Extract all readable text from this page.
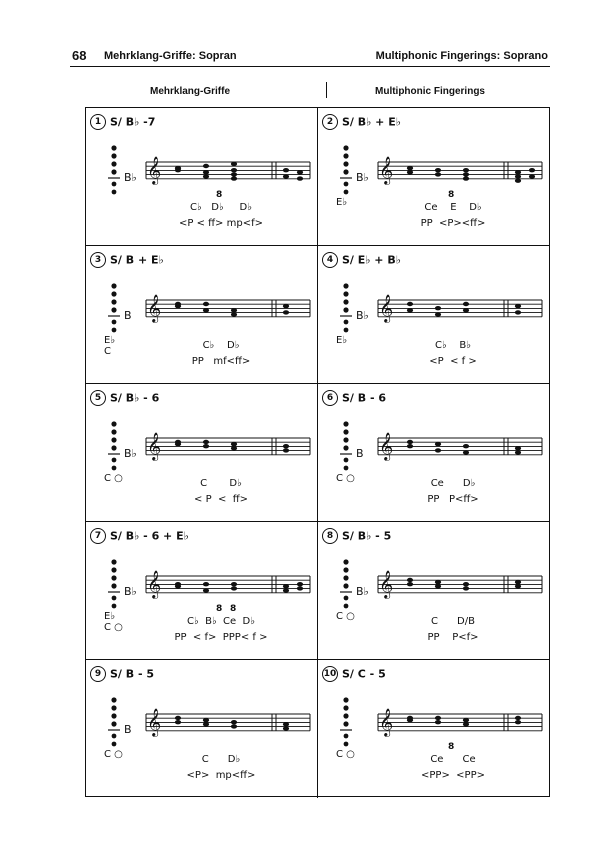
68 Mehrklang-Griffe: Sopran	Multiphonic Fingerings: Soprano
Mehrklang-Griffe	Multiphonic Fingerings
1 S/ B♭ -7
𝄞
B♭
8
C♭   D♭     D♭
<P < ff> mp<f>
2 S/ B♭ + E♭
𝄞
B♭
E♭
8
Ce    E    D♭
PP  <P><ff>
3 S/ B + E♭
𝄞
B
E♭
C
C♭    D♭
PP   mf<ff>
4 S/ E♭ + B♭
𝄞
B♭
E♭	C♭    B♭
<P  < f >
5 S/ B♭ - 6
𝄞
B♭
C ○	C       D♭
< P  <  ff>
6 S/ B - 6
𝄞
B
C ○	Ce      D♭
PP   P<ff>
7 S/ B♭ - 6 + E♭
𝄞
B♭
E♭
C ○
8 8
C♭  B♭  Ce  D♭
PP  < f>  PPP< f >
8 S/ B♭ - 5
𝄞
B♭
C ○	C      D/B
PP    P<f>
9 S/ B - 5
𝄞
B
C ○	C      D♭
<P>  mp<ff>
10 S/ C - 5
𝄞
C ○
8
Ce      Ce
<PP>  <PP>
